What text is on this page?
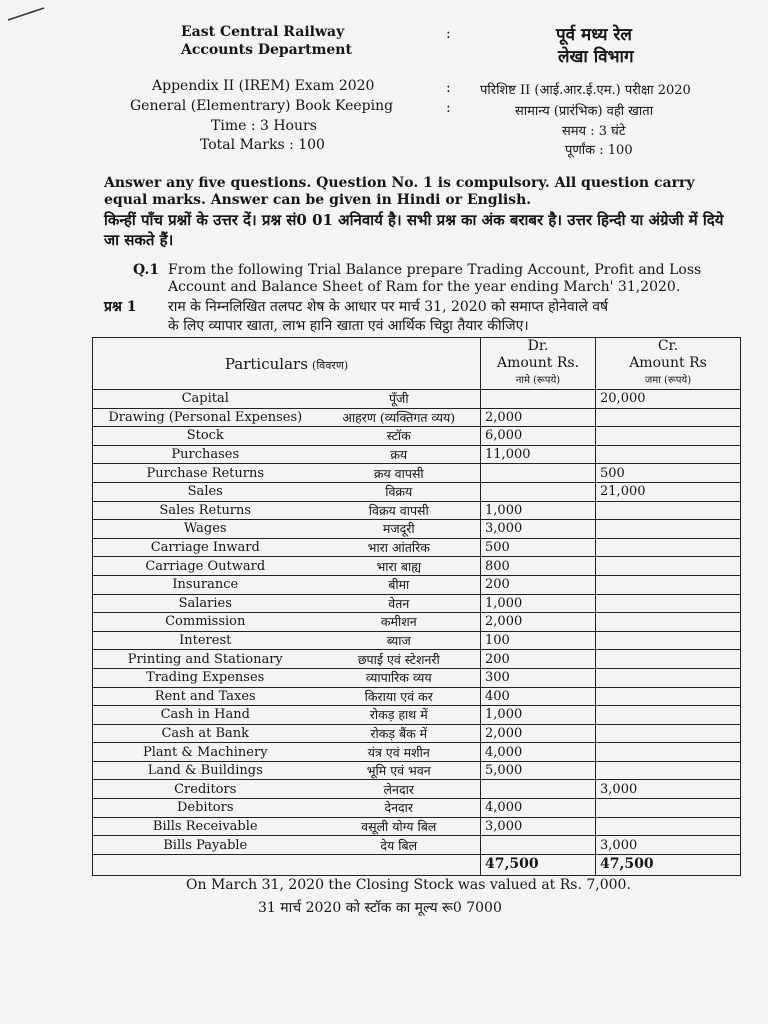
East Central Railway
Accounts Department
:	पूर्व मध्य रेल
लेखा विभाग
Appendix II (IREM) Exam 2020
General (Elementrary) Book Keeping
Time : 3 Hours
Total Marks : 100
:
:
परिशिष्ट II (आई.आर.ई.एम.) परीक्षा 2020
सामान्य (प्रारंभिक) वही खाता
समय : 3 घंटे
पूर्णांक : 100
Answer any five questions. Question No. 1 is compulsory. All question carry equal marks. Answer can be given in Hindi or English.
किन्हीं पाँच प्रश्नों के उत्तर दें। प्रश्न सं0 01 अनिवार्य है। सभी प्रश्न का अंक बराबर है। उत्तर हिन्दी या अंग्रेजी में दिये जा सकते हैं।
Q.1 From the following Trial Balance prepare Trading Account, Profit and Loss
Account and Balance Sheet of Ram for the year ending March' 31,2020.
प्रश्न 1 राम के निम्नलिखित तलपट शेष के आधार पर मार्च 31, 2020 को समाप्त होनेवाले वर्ष
के लिए व्यापार खाता, लाभ हानि खाता एवं आर्थिक चिट्ठा तैयार कीजिए।
Particulars (विवरण)		Dr.
Amount Rs.
नामे (रूपये)	Cr.
Amount Rs
जमा (रूपये)

Capital	पूँजी		20,000
Drawing (Personal Expenses)	आहरण (व्यक्तिगत व्यय)	2,000	
Stock	स्टॉक	6,000	
Purchases	क्रय	11,000	
Purchase Returns	क्रय वापसी		500
Sales	विक्रय		21,000
Sales Returns	विक्रय वापसी	1,000	
Wages	मजदूरी	3,000	
Carriage Inward	भारा आंतरिक	500	
Carriage Outward	भारा बाह्य	800	
Insurance	बीमा	200	
Salaries	वेतन	1,000	
Commission	कमीशन	2,000	
Interest	ब्याज	100	
Printing and Stationary	छपाई एवं स्टेशनरी	200	
Trading Expenses	व्यापारिक व्यय	300	
Rent and Taxes	किराया एवं कर	400	
Cash in Hand	रोकड़ हाथ में	1,000	
Cash at Bank	रोकड़ बैंक में	2,000	
Plant & Machinery	यंत्र एवं मशीन	4,000	
Land & Buildings	भूमि एवं भवन	5,000	
Creditors	लेनदार		3,000
Debitors	देनदार	4,000	
Bills Receivable	वसूली योग्य बिल	3,000	
Bills Payable	देय बिल		3,000
		47,500	47,500
On March 31, 2020 the Closing Stock was valued at Rs. 7,000.
31 मार्च 2020 को स्टॉक का मूल्य रू0 7000
